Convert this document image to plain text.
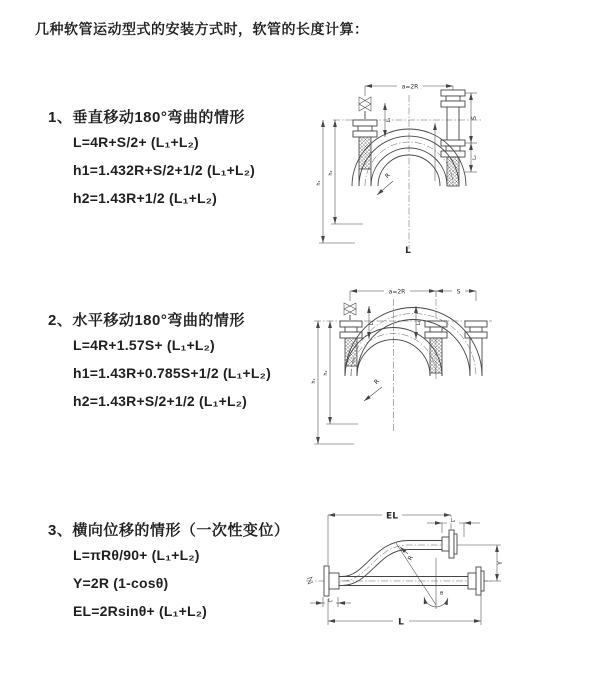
几种软管运动型式的安装方式时，软管的长度计算：
1、垂直移动180°弯曲的情形
L=4R+S/2+ (L₁+L₂)
h1=1.432R+S/2+1/2 (L₁+L₂)
h2=1.43R+1/2 (L₁+L₂)
2、水平移动180°弯曲的情形
L=4R+1.57S+ (L₁+L₂)
h1=1.43R+0.785S+1/2 (L₁+L₂)
h2=1.43R+S/2+1/2 (L₁+L₂)
3、横向位移的情形（一次性变位）
L=πRθ/90+ (L₁+L₂)
Y=2R (1-cosθ)
EL=2Rsinθ+ (L₁+L₂)
a=2R
S
L₂
L₁
h₁
h₂	R
L
a=2R	S
L₁	L₂
h₁
h₂
R
EL	L₂
Y
R
θ
L₁
L
